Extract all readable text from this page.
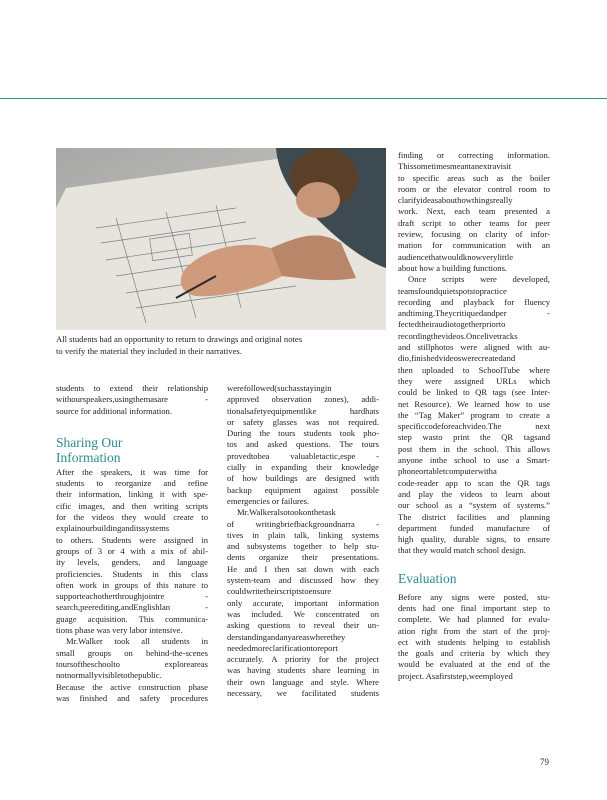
All students had an opportunity to return to drawings and original notes
to verify the material they included in their narratives.
students to extend their relationship
withourspeakers,usingthemasare -
source for additional information.
Sharing Our
Information
After the speakers, it was time for
students to reorganize and refine
their information, linking it with spe-
cific images, and then writing scripts
for the videos they would create to
explainourbuildinganditssystems
to others. Students were assigned in
groups of 3 or 4 with a mix of abil-
ity levels, genders, and language
proficiencies. Students in this class
often work in groups of this nature to
supporteachotherthroughjointre -
search,peerediting,andEnglishlan -
guage acquisition. This communica-
tions phase was very labor intensive.
Mr.Walker took all students in
small groups on behind-the-scenes
toursoftheschoolto exploreareas
notnormallyvisibletothepublic.
Because the active construction phase
was finished and safety procedures
werefollowed(suchasstayingin
approved observation zones), addi-
tionalsafetyequipmentlike hardhats
or safety glasses was not required.
During the tours students took pho-
tos and asked questions. The tours
provedtobea valuabletactic,espe -
cially in expanding their knowledge
of how buildings are designed with
backup equipment against possible
emergencies or failures.
Mr.Walkeralsotookonthetask
of writingbriefbackgroundnarra -
tives in plain talk, linking systems
and subsystems together to help stu-
dents organize their presentations.
He and I then sat down with each
system-team and discussed how they
couldwritetheirscriptstoensure
only accurate, important information
was included. We concentrated on
asking questions to reveal their un-
derstandingandanyareaswherethey
neededmoreclarificationtoreport
accurately. A priority for the project
was having students share learning in
their own language and style. Where
necessary, we facilitated students
finding or correcting information.
Thissometimesmeantanextravisit
to specific areas such as the boiler
room or the elevator control room to
clarifyideasabouthowthingsreally
work. Next, each team presented a
draft script to other teams for peer
review, focusing on clarity of infor-
mation for communication with an
audiencethatwouldknowverylittle
about how a building functions.
Once scripts were developed,
teamsfoundquietspotstopractice
recording and playback for fluency
andtiming.Theycritiquedandper -
fectedtheiraudiotogetherpriorto
recordingthevideos.Oncelivetracks
and stillphotos were aligned with au-
dio,finishedvideoswerecreatedand
then uploaded to SchoolTube where
they were assigned URLs which
could be linked to QR tags (see Inter-
net Resource). We learned how to use
the “Tag Maker” program to create a
specificcodeforeachvideo.The next
step wasto print the QR tagsand
post them in the school. This allows
anyone inthe school to use a Smart-
phoneortabletcomputerwitha
code-reader app to scan the QR tags
and play the videos to learn about
our school as a “system of systems.”
The district facilities and planning
department funded manufacture of
high quality, durable signs, to ensure
that they would match school design.
Evaluation
Before any signs were posted, stu-
dents had one final important step to
complete. We had planned for evalu-
ation right from the start of the proj-
ect with students helping to establish
the goals and criteria by which they
would be evaluated at the end of the
project. Asafirststep,weemployed
79
